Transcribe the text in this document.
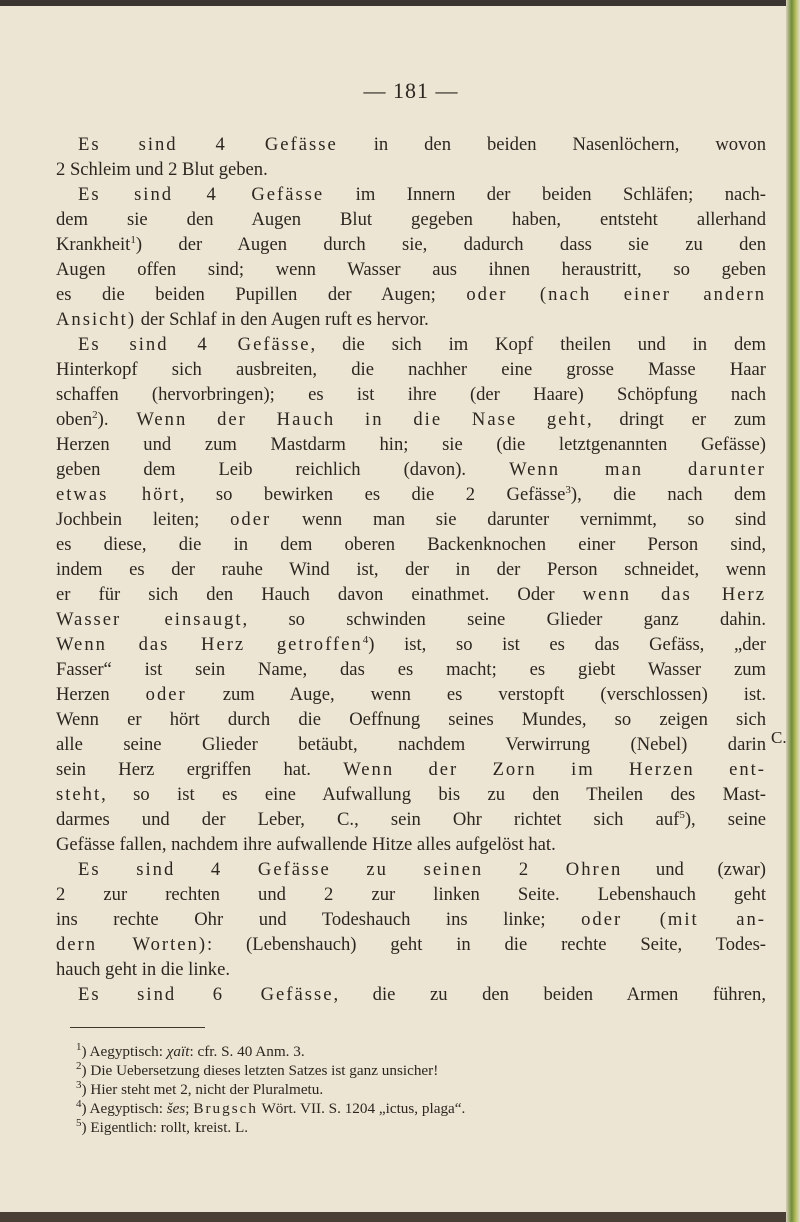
— 181 —
Es sind 4 Gefässe in den beiden Nasenlöchern, wovon
2 Schleim und 2 Blut geben.
Es sind 4 Gefässe im Innern der beiden Schläfen; nach-
dem sie den Augen Blut gegeben haben, entsteht allerhand
Krankheit$^1$) der Augen durch sie, dadurch dass sie zu den
Augen offen sind; wenn Wasser aus ihnen heraustritt, so geben
es die beiden Pupillen der Augen; oder (nach einer andern
Ansicht) der Schlaf in den Augen ruft es hervor.
Es sind 4 Gefässe, die sich im Kopf theilen und in dem
Hinterkopf sich ausbreiten, die nachher eine grosse Masse Haar
schaffen (hervorbringen); es ist ihre (der Haare) Schöpfung nach
oben$^2$). Wenn der Hauch in die Nase geht, dringt er zum
Herzen und zum Mastdarm hin; sie (die letztgenannten Gefässe)
geben dem Leib reichlich (davon). Wenn man darunter
etwas hört, so bewirken es die 2 Gefässe$^3$), die nach dem
Jochbein leiten; oder wenn man sie darunter vernimmt, so sind
es diese, die in dem oberen Backenknochen einer Person sind,
indem es der rauhe Wind ist, der in der Person schneidet, wenn
er für sich den Hauch davon einathmet. Oder wenn das Herz
Wasser einsaugt, so schwinden seine Glieder ganz dahin.
Wenn das Herz getroffen$^4$) ist, so ist es das Gefäss, „der
Fasser“ ist sein Name, das es macht; es giebt Wasser zum
Herzen oder zum Auge, wenn es verstopft (verschlossen) ist.
Wenn er hört durch die Oeffnung seines Mundes, so zeigen sich
alle seine Glieder betäubt, nachdem Verwirrung (Nebel) darin
sein Herz ergriffen hat. Wenn der Zorn im Herzen ent-
steht, so ist es eine Aufwallung bis zu den Theilen des Mast-
darmes und der Leber, C., sein Ohr richtet sich auf$^5$), seine
Gefässe fallen, nachdem ihre aufwallende Hitze alles aufgelöst hat.
Es sind 4 Gefässe zu seinen 2 Ohren und (zwar)
2 zur rechten und 2 zur linken Seite. Lebenshauch geht
ins rechte Ohr und Todeshauch ins linke; oder (mit an-
dern Worten): (Lebenshauch) geht in die rechte Seite, Todes-
hauch geht in die linke.
Es sind 6 Gefässe, die zu den beiden Armen führen,
$^1$) Aegyptisch: χaït: cfr. S. 40 Anm. 3.
$^2$) Die Uebersetzung dieses letzten Satzes ist ganz unsicher!
$^3$) Hier steht met 2, nicht der Pluralmetu.
$^4$) Aegyptisch: šes; Brugsch Wört. VII. S. 1204 „ictus, plaga“.
$^5$) Eigentlich: rollt, kreist. L.
C.
